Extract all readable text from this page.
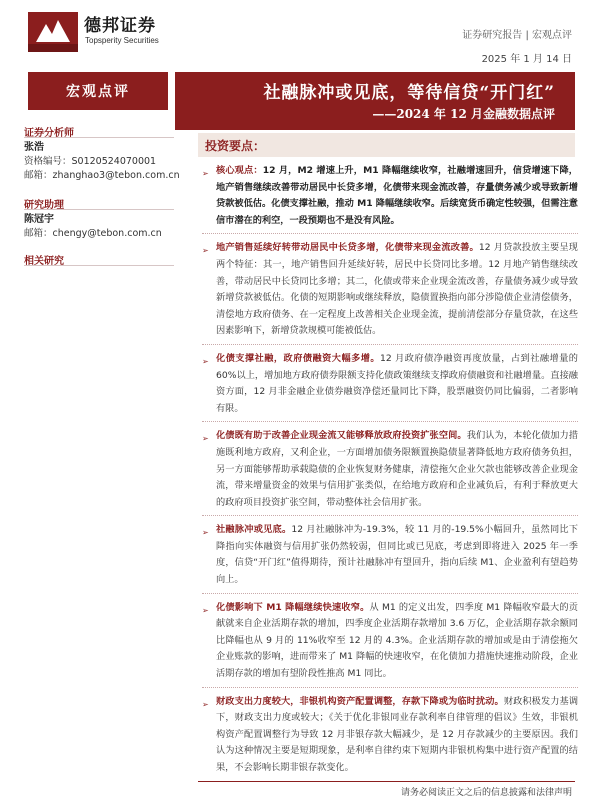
德邦证券
Topsperity Securities	证券研究报告 | 宏观点评
2025 年 1 月 14 日
宏观点评	社融脉冲或见底，等待信贷“开门红”
——2024 年 12 月金融数据点评
证券分析师
张浩
资格编号：S0120524070001
邮箱：zhanghao3@tebon.com.cn
研究助理
陈冠宇
邮箱：chengy@tebon.com.cn
相关研究
投资要点：
➢ 核心观点：12 月，M2 增速上升，M1 降幅继续收窄，社融增速回升，信贷增速下降，地产销售继续改善带动居民中长贷多增，化债带来现金流改善，存量债务减少或导致新增贷款被低估。化债支撑社融，推动 M1 降幅继续收窄。后续宽货币确定性较强，但需注意信市潜在的利空，一段预期也不是没有风险。
➢ 地产销售延续好转带动居民中长贷多增，化债带来现金流改善。12 月贷款投放主要呈现两个特征：其一，地产销售回升延续好转，居民中长贷同比多增。12 月地产销售继续改善，带动居民中长贷同比多增；其二，化债或带来企业现金流改善，存量债务减少或导致新增贷款被低估。化债的短期影响或继续释放，隐债置换指向部分涉隐债企业清偿债务，清偿地方政府债务、在一定程度上改善相关企业现金流，提前清偿部分存量贷款，在这些因素影响下，新增贷款规模可能被低估。
➢ 化债支撑社融，政府债融资大幅多增。12 月政府债净融资再度放量，占到社融增量的 60%以上，增加地方政府债券限额支持化债政策继续支撑政府债融资和社融增量。直接融资方面，12 月非金融企业债券融资净偿还量同比下降，股票融资仍同比偏弱，二者影响有限。
➢ 化债既有助于改善企业现金流又能够释放政府投资扩张空间。我们认为，本轮化债加力措施既利地方政府，又利企业，一方面增加债务限额置换隐债显著降低地方政府债务负担，另一方面能够帮助承载隐债的企业恢复财务健康，清偿拖欠企业欠款也能够改善企业现金流，带来增量资金的效果与信用扩张类似，在给地方政府和企业减负后，有利于释放更大的政府项目投资扩张空间，带动整体社会信用扩张。
➢ 社融脉冲或见底。12 月社融脉冲为-19.3%，较 11 月的-19.5%小幅回升，虽然同比下降指向实体融资与信用扩张仍然较弱，但同比或已见底，考虑到即将进入 2025 年一季度，信贷“开门红”值得期待，预计社融脉冲有望回升，指向后续 M1、企业盈利有望趋势向上。
➢ 化债影响下 M1 降幅继续快速收窄。从 M1 的定义出发，四季度 M1 降幅收窄最大的贡献就来自企业活期存款的增加，四季度企业活期存款增加 3.6 万亿，企业活期存款余额同比降幅也从 9 月的 11%收窄至 12 月的 4.3%。企业活期存款的增加或是由于清偿拖欠企业账款的影响，进而带来了 M1 降幅的快速收窄，在化债加力措施快速推动阶段，企业活期存款的增加有望阶段性推高 M1 同比。
➢ 财政支出力度较大，非银机构资产配置调整，存款下降或为临时扰动。财政积极发力基调下，财政支出力度或较大；《关于优化非银同业存款利率自律管理的倡议》生效，非银机构资产配置调整行为导致 12 月非银存款大幅减少，是 12 月存款减少的主要原因。我们认为这种情况主要是短期现象，是利率自律约束下短期内非银机构集中进行资产配置的结果，不会影响长期非银存款变化。
请务必阅读正文之后的信息披露和法律声明
